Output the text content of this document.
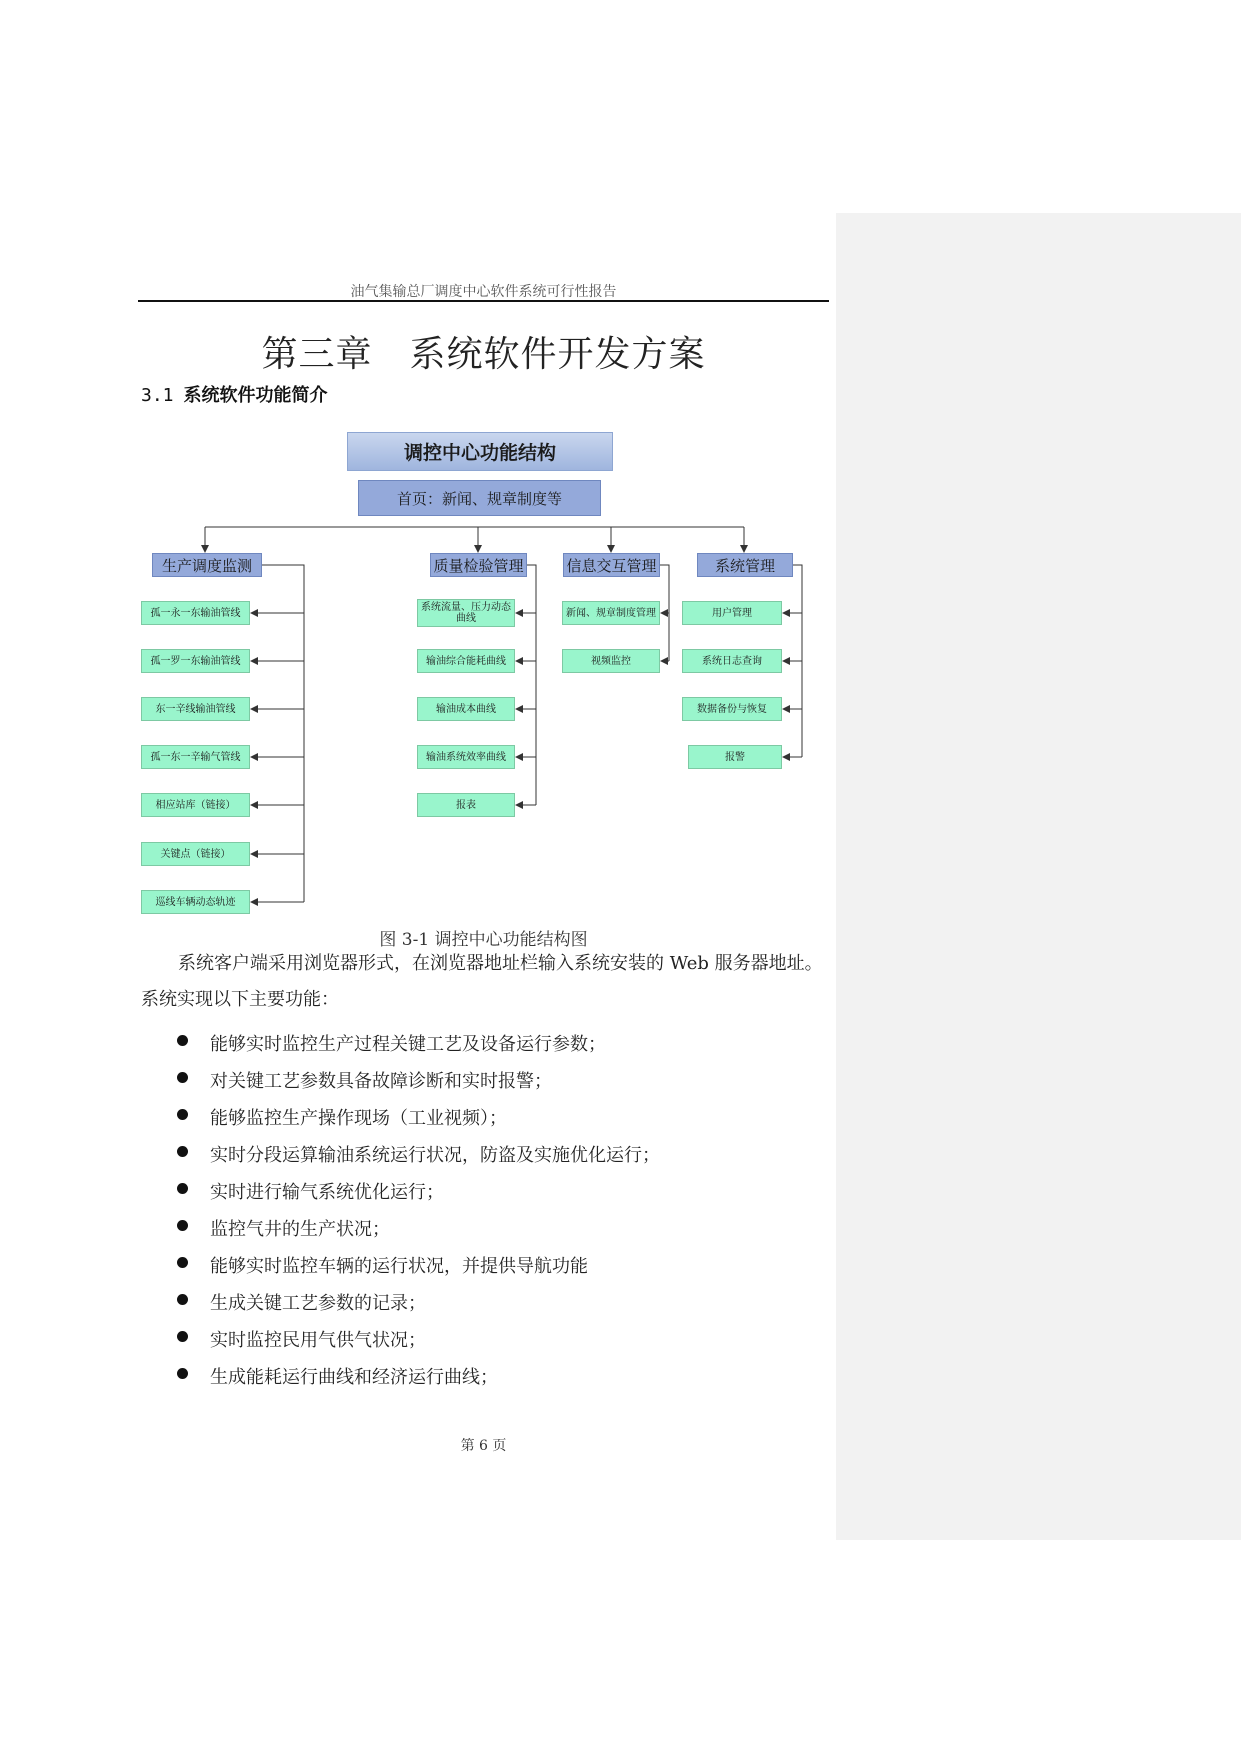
油气集输总厂调度中心软件系统可行性报告
第三章　系统软件开发方案
3.1 系统软件功能简介
调控中心功能结构
首页：新闻、规章制度等
生产调度监测	质量检验管理	信息交互管理	系统管理
孤一永一东输油管线
孤一罗一东输油管线
东一辛线输油管线
孤一东一辛输气管线
相应站库（链接）
关键点（链接）
巡线车辆动态轨迹
系统流量、压力动态曲线
输油综合能耗曲线
输油成本曲线
输油系统效率曲线
报表
新闻、规章制度管理
视频监控
用户管理
系统日志查询
数据备份与恢复
报警
图 3-1 调控中心功能结构图
系统客户端采用浏览器形式，在浏览器地址栏输入系统安装的 Web 服务器地址。
系统实现以下主要功能：
能够实时监控生产过程关键工艺及设备运行参数；
对关键工艺参数具备故障诊断和实时报警；
能够监控生产操作现场（工业视频）；
实时分段运算输油系统运行状况，防盗及实施优化运行；
实时进行输气系统优化运行；
监控气井的生产状况；
能够实时监控车辆的运行状况，并提供导航功能
生成关键工艺参数的记录；
实时监控民用气供气状况；
生成能耗运行曲线和经济运行曲线；
第 6 页
